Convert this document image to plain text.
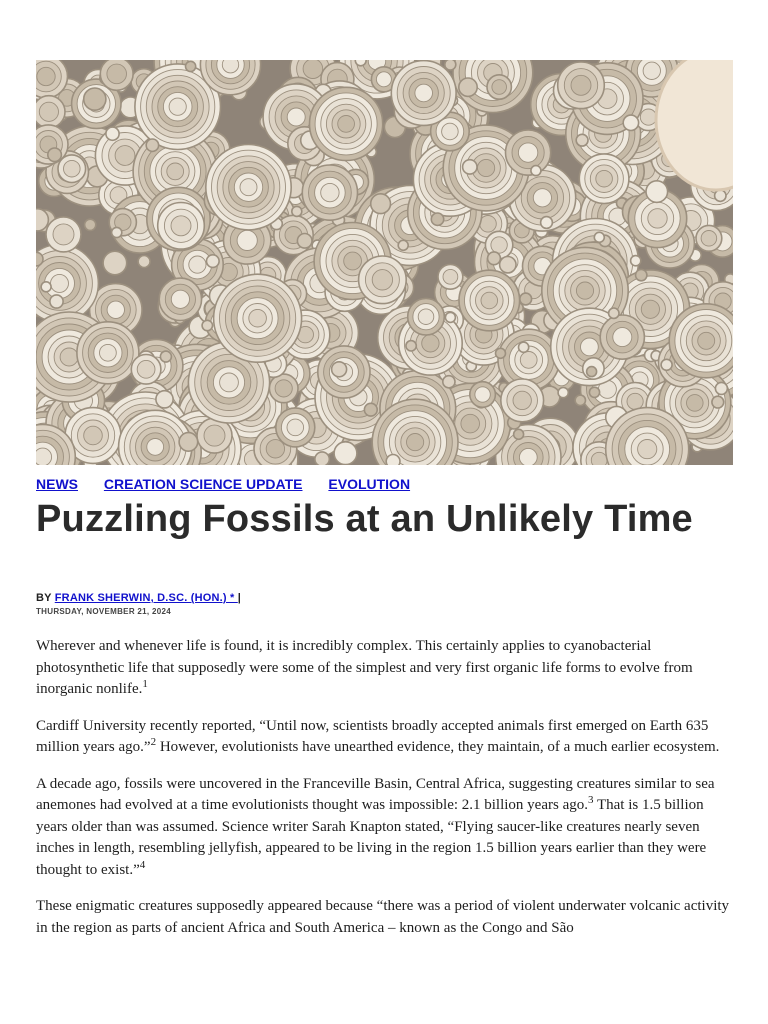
NEWS CREATION SCIENCE UPDATE EVOLUTION
Puzzling Fossils at an Unlikely Time
BY FRANK SHERWIN, D.SC. (HON.) * |
THURSDAY, NOVEMBER 21, 2024

Wherever and whenever life is found, it is incredibly complex. This certainly applies to cyanobacterial photosynthetic life that supposedly were some of the simplest and very first organic life forms to evolve from inorganic nonlife.$^1$

Cardiff University recently reported, “Until now, scientists broadly accepted animals first emerged on Earth 635 million years ago.”$^2$ However, evolutionists have unearthed evidence, they maintain, of a much earlier ecosystem.

A decade ago, fossils were uncovered in the Franceville Basin, Central Africa, suggesting creatures similar to sea anemones had evolved at a time evolutionists thought was impossible: 2.1 billion years ago.$^3$ That is 1.5 billion years older than was assumed. Science writer Sarah Knapton stated, “Flying saucer-like creatures nearly seven inches in length, resembling jellyfish, appeared to be living in the region 1.5 billion years earlier than they were thought to exist.”$^4$

These enigmatic creatures supposedly appeared because “there was a period of violent underwater volcanic activity in the region as parts of ancient Africa and South America – known as the Congo and São
